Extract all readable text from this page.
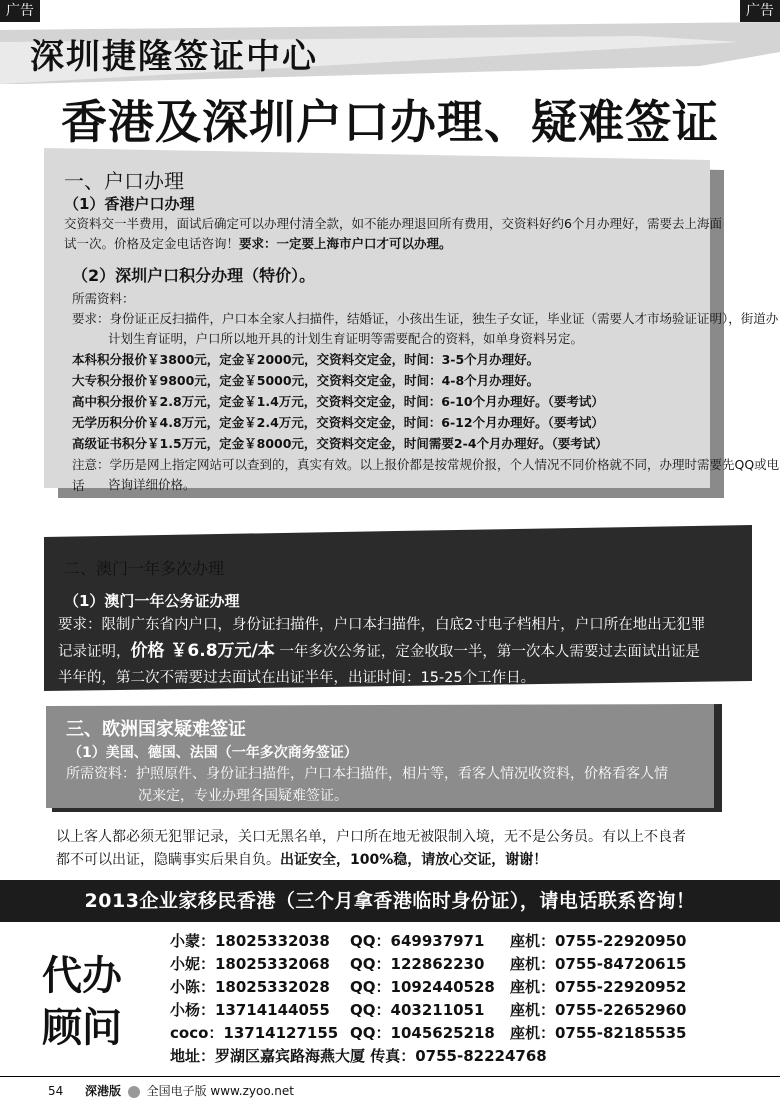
广告	广告
深圳捷隆签证中心
香港及深圳户口办理、疑难签证
一、户口办理
（1）香港户口办理
交资料交一半费用，面试后确定可以办理付清全款，如不能办理退回所有费用，交资料好约6个月办理好，需要去上海面
试一次。价格及定金电话咨询！要求：一定要上海市户口才可以办理。
（2）深圳户口积分办理（特价）。
所需资料：
要求：身份证正反扫描件，户口本全家人扫描件，结婚证，小孩出生证，独生子女证，毕业证（需要人才市场验证证明），街道办
计划生育证明，户口所以地开具的计划生育证明等需要配合的资料，如单身资料另定。
本科积分报价￥3800元，定金￥2000元，交资料交定金，时间：3-5个月办理好。
大专积分报价￥9800元，定金￥5000元，交资料交定金，时间：4-8个月办理好。
高中积分报价￥2.8万元，定金￥1.4万元，交资料交定金，时间：6-10个月办理好。（要考试）
无学历积分价￥4.8万元，定金￥2.4万元，交资料交定金，时间：6-12个月办理好。（要考试）
高级证书积分￥1.5万元，定金￥8000元，交资料交定金，时间需要2-4个月办理好。（要考试）
注意：学历是网上指定网站可以查到的，真实有效。以上报价都是按常规价报，个人情况不同价格就不同，办理时需要先QQ或电话	咨询详细价格。
二、澳门一年多次办理
（1）澳门一年公务证办理
要求：限制广东省内户口，身份证扫描件，户口本扫描件，白底2寸电子档相片，户口所在地出无犯罪
记录证明，价格 ￥6.8万元/本 一年多次公务证，定金收取一半，第一次本人需要过去面试出证是
半年的，第二次不需要过去面试在出证半年，出证时间：15-25个工作日。
三、欧洲国家疑难签证
（1）美国、德国、法国（一年多次商务签证）
所需资料：护照原件、身份证扫描件，户口本扫描件，相片等，看客人情况收资料，价格看客人情
况来定，专业办理各国疑难签证。
以上客人都必须无犯罪记录，关口无黑名单，户口所在地无被限制入境，无不是公务员。有以上不良者
都不可以出证，隐瞒事实后果自负。出证安全，100%稳，请放心交证，谢谢！
2013企业家移民香港（三个月拿香港临时身份证），请电话联系咨询！
代办
顾问
小蒙：18025332038 QQ：649937971 座机：0755-22920950
小妮：18025332068 QQ：122862230 座机：0755-84720615
小陈：18025332028 QQ：1092440528 座机：0755-22920952
小杨：13714144055 QQ：403211051 座机：0755-22652960
coco：13714127155 QQ：1045625218 座机：0755-82185535
地址：罗湖区嘉宾路海燕大厦 传真：0755-82224768
54 深港版 全国电子版 www.zyoo.net
